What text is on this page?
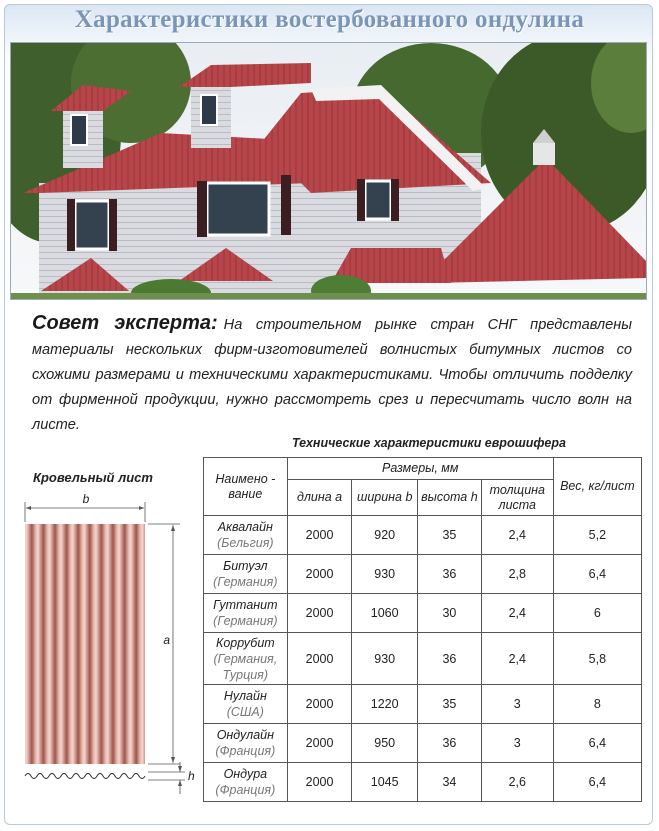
Характеристики востербованного ондулина
Совет эксперта: На строительном рынке стран СНГ представлены материалы нескольких фирм-изготовителей волнистых битумных листов со схожими размерами и техническими характеристиками. Чтобы отличить подделку от фирменной продукции, нужно рассмотреть срез и пересчитать число волн на листе.
Кровельный лист
b
a
h
Технические характеристики еврошифера
Наимено - вание	Размеры, мм				Вес, кг/лист
	длина a	ширина b	высота h	толщина листа	
Аквалайн
(Бельгия)	2000	920	35	2,4	5,2
Битуэл
(Германия)	2000	930	36	2,8	6,4
Гуттанит
(Германия)	2000	1060	30	2,4	6
Коррубит
(Германия, Турция)	2000	930	36	2,4	5,8
Нулайн
(США)	2000	1220	35	3	8
Ондулайн
(Франция)	2000	950	36	3	6,4
Ондура
(Франция)	2000	1045	34	2,6	6,4
